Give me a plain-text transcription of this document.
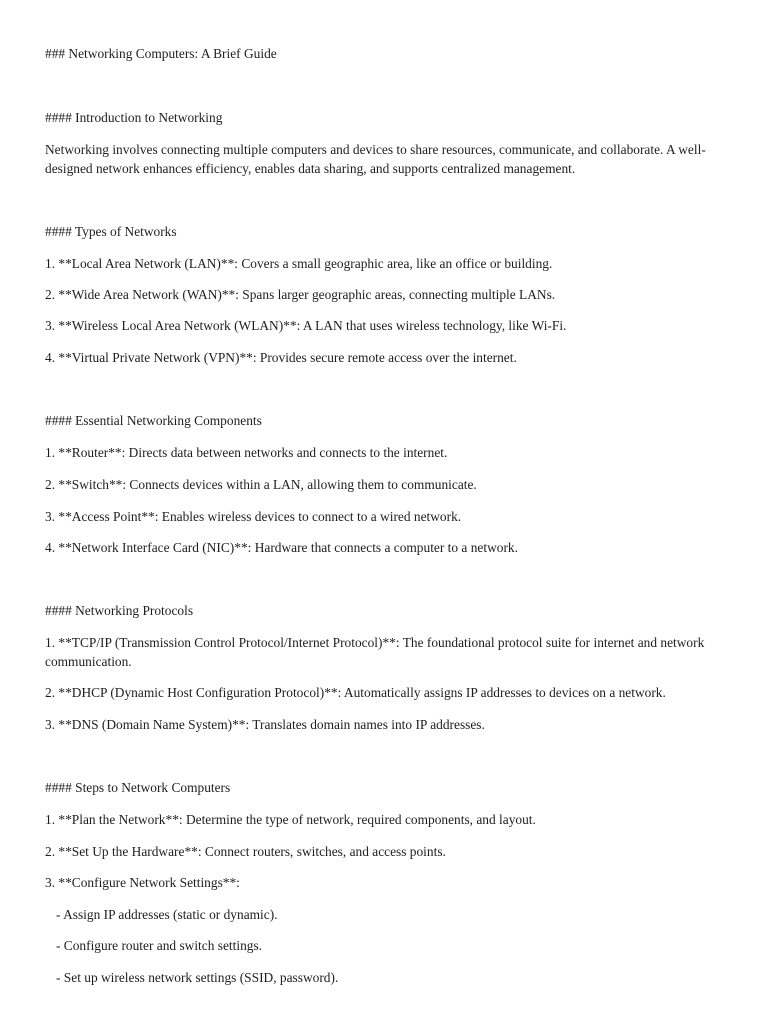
### Networking Computers: A Brief Guide

#### Introduction to Networking

Networking involves connecting multiple computers and devices to share resources, communicate, and collaborate. A well-designed network enhances efficiency, enables data sharing, and supports centralized management.

#### Types of Networks

1. **Local Area Network (LAN)**: Covers a small geographic area, like an office or building.

2. **Wide Area Network (WAN)**: Spans larger geographic areas, connecting multiple LANs.

3. **Wireless Local Area Network (WLAN)**: A LAN that uses wireless technology, like Wi-Fi.

4. **Virtual Private Network (VPN)**: Provides secure remote access over the internet.

#### Essential Networking Components

1. **Router**: Directs data between networks and connects to the internet.

2. **Switch**: Connects devices within a LAN, allowing them to communicate.

3. **Access Point**: Enables wireless devices to connect to a wired network.

4. **Network Interface Card (NIC)**: Hardware that connects a computer to a network.

#### Networking Protocols

1. **TCP/IP (Transmission Control Protocol/Internet Protocol)**: The foundational protocol suite for internet and network communication.

2. **DHCP (Dynamic Host Configuration Protocol)**: Automatically assigns IP addresses to devices on a network.

3. **DNS (Domain Name System)**: Translates domain names into IP addresses.

#### Steps to Network Computers

1. **Plan the Network**: Determine the type of network, required components, and layout.

2. **Set Up the Hardware**: Connect routers, switches, and access points.

3. **Configure Network Settings**:

- Assign IP addresses (static or dynamic).

- Configure router and switch settings.

- Set up wireless network settings (SSID, password).
